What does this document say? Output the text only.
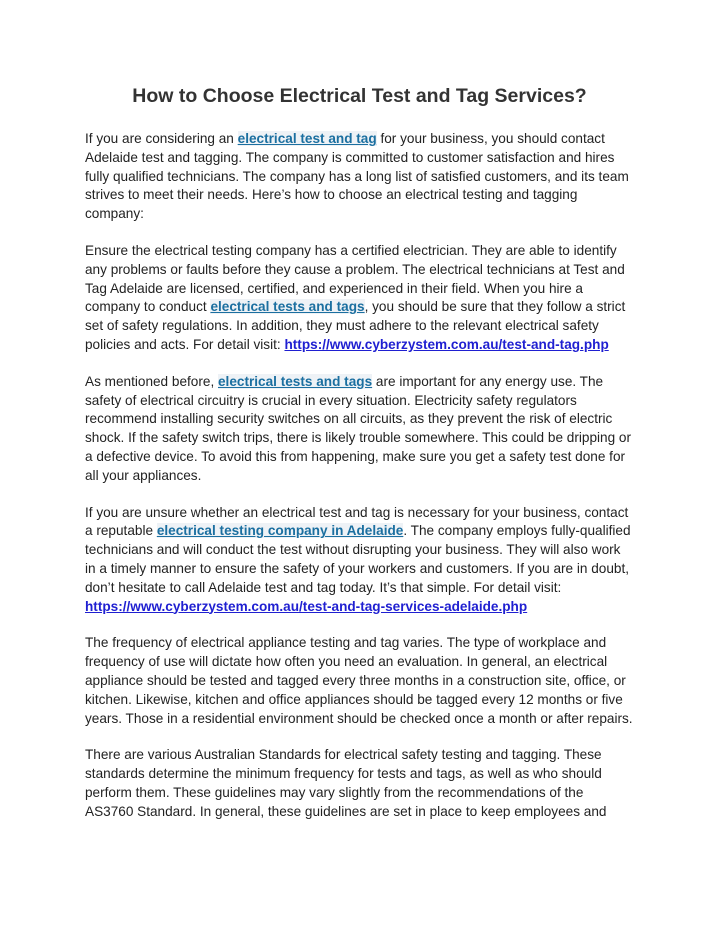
How to Choose Electrical Test and Tag Services?

If you are considering an electrical test and tag for your business, you should contact Adelaide test and tagging. The company is committed to customer satisfaction and hires fully qualified technicians. The company has a long list of satisfied customers, and its team strives to meet their needs. Here’s how to choose an electrical testing and tagging company:

Ensure the electrical testing company has a certified electrician. They are able to identify any problems or faults before they cause a problem. The electrical technicians at Test and Tag Adelaide are licensed, certified, and experienced in their field. When you hire a company to conduct electrical tests and tags, you should be sure that they follow a strict set of safety regulations. In addition, they must adhere to the relevant electrical safety policies and acts. For detail visit: https://www.cyberzystem.com.au/test-and-tag.php

As mentioned before, electrical tests and tags are important for any energy use. The safety of electrical circuitry is crucial in every situation. Electricity safety regulators recommend installing security switches on all circuits, as they prevent the risk of electric shock. If the safety switch trips, there is likely trouble somewhere. This could be dripping or a defective device. To avoid this from happening, make sure you get a safety test done for all your appliances.

If you are unsure whether an electrical test and tag is necessary for your business, contact a reputable electrical testing company in Adelaide. The company employs fully-qualified technicians and will conduct the test without disrupting your business. They will also work in a timely manner to ensure the safety of your workers and customers. If you are in doubt, don’t hesitate to call Adelaide test and tag today. It’s that simple. For detail visit: https://www.cyberzystem.com.au/test-and-tag-services-adelaide.php

The frequency of electrical appliance testing and tag varies. The type of workplace and frequency of use will dictate how often you need an evaluation. In general, an electrical appliance should be tested and tagged every three months in a construction site, office, or kitchen. Likewise, kitchen and office appliances should be tagged every 12 months or five years. Those in a residential environment should be checked once a month or after repairs.

There are various Australian Standards for electrical safety testing and tagging. These standards determine the minimum frequency for tests and tags, as well as who should perform them. These guidelines may vary slightly from the recommendations of the AS3760 Standard. In general, these guidelines are set in place to keep employees and
